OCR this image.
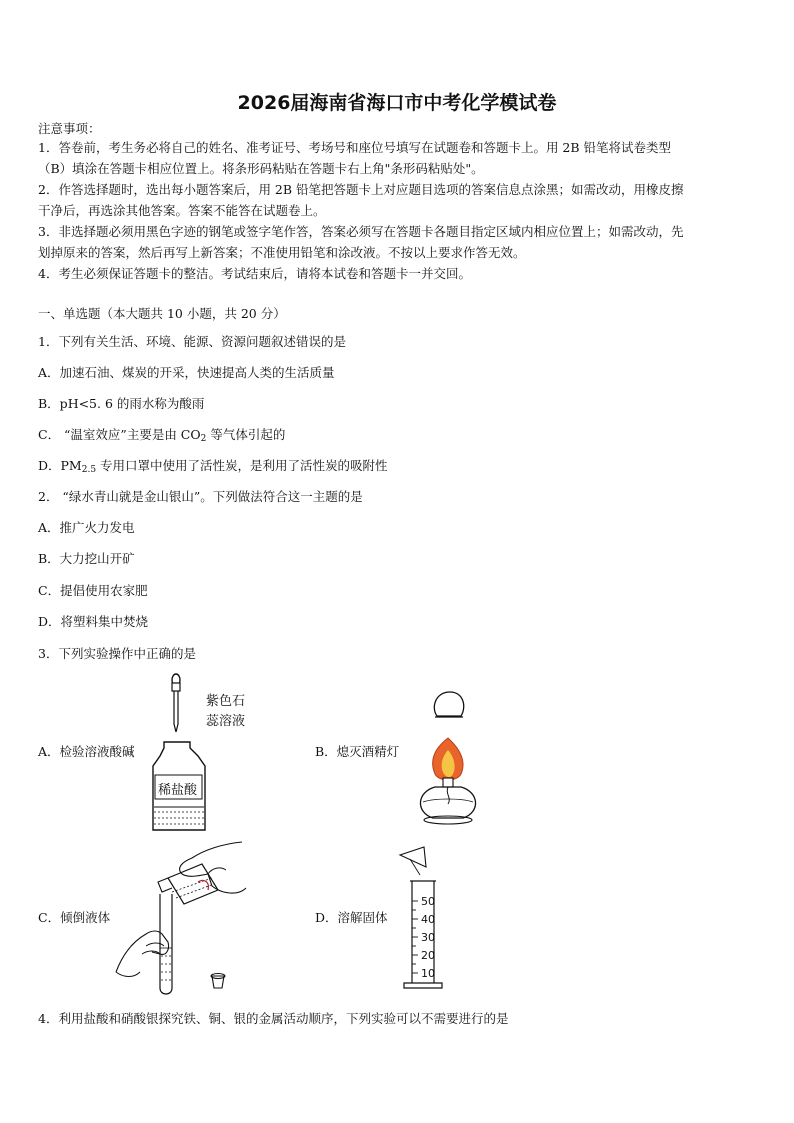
2026届海南省海口市中考化学模试卷
注意事项：
1．答卷前，考生务必将自己的姓名、准考证号、考场号和座位号填写在试题卷和答题卡上。用 2B 铅笔将试卷类型
（B）填涂在答题卡相应位置上。将条形码粘贴在答题卡右上角"条形码粘贴处"。
2．作答选择题时，选出每小题答案后，用 2B 铅笔把答题卡上对应题目选项的答案信息点涂黑；如需改动，用橡皮擦
干净后，再选涂其他答案。答案不能答在试题卷上。
3．非选择题必须用黑色字迹的钢笔或签字笔作答，答案必须写在答题卡各题目指定区域内相应位置上；如需改动，先
划掉原来的答案，然后再写上新答案；不准使用铅笔和涂改液。不按以上要求作答无效。
4．考生必须保证答题卡的整洁。考试结束后，请将本试卷和答题卡一并交回。
一、单选题（本大题共 10 小题，共 20 分）
1．下列有关生活、环境、能源、资源问题叙述错误的是
A．加速石油、煤炭的开采，快速提高人类的生活质量
B．pH<5. 6 的雨水称为酸雨
C． “温室效应”主要是由 $CO_2$ 等气体引起的
D．$PM_{2.5}$ 专用口罩中使用了活性炭，是利用了活性炭的吸附性
2． “绿水青山就是金山银山”。下列做法符合这一主题的是
A．推广火力发电
B．大力挖山开矿
C．提倡使用农家肥
D．将塑料集中焚烧
3．下列实验操作中正确的是
A．检验溶液酸碱	B．熄灭酒精灯
C．倾倒液体	D．溶解固体
紫色石
蕊溶液
稀盐酸
50
40
30
20
10
4．利用盐酸和硝酸银探究铁、铜、银的金属活动顺序，下列实验可以不需要进行的是
